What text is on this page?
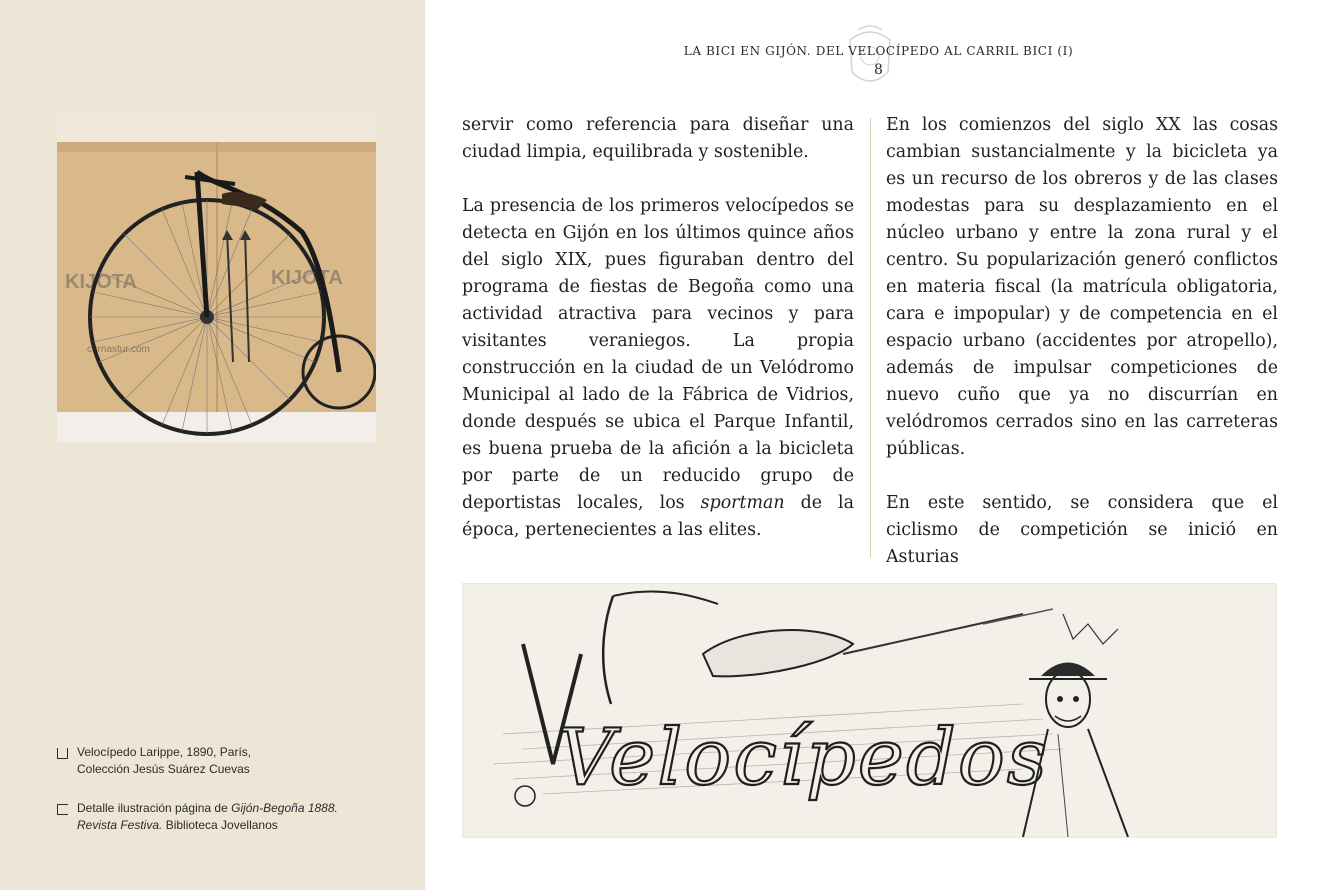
KIJOTA	KIJOTA
carnastur.com
Velocípedo Larippe, 1890, París,
Colección Jesús Suárez Cuevas
Detalle ilustración página de Gijón-Begoña 1888.
Revista Festiva. Biblioteca Jovellanos
LA BICI EN GIJÓN. DEL VELOCÍPEDO AL CARRIL BICI (I)
8

servir como referencia para diseñar una ciudad limpia, equilibrada y sostenible.

La presencia de los primeros velocípedos se detecta en Gijón en los últimos quince años del siglo XIX, pues figuraban dentro del programa de fiestas de Begoña como una actividad atractiva para vecinos y para visitantes veraniegos. La propia construcción en la ciudad de un Velódromo Municipal al lado de la Fábrica de Vidrios, donde después se ubica el Parque Infantil, es buena prueba de la afición a la bicicleta por parte de un reducido grupo de deportistas locales, los sportman de la época, pertenecientes a las elites.

En los comienzos del siglo XX las cosas cambian sustancialmente y la bicicleta ya es un recurso de los obreros y de las clases modestas para su desplazamiento en el núcleo urbano y entre la zona rural y el centro. Su popularización generó conflictos en materia fiscal (la matrícula obligatoria, cara e impopular) y de competencia en el espacio urbano (accidentes por atropello), además de impulsar competiciones de nuevo cuño que ya no discurrían en velódromos cerrados sino en las carreteras públicas.

En este sentido, se considera que el ciclismo de competición se inició en Asturias

Velocípedos
